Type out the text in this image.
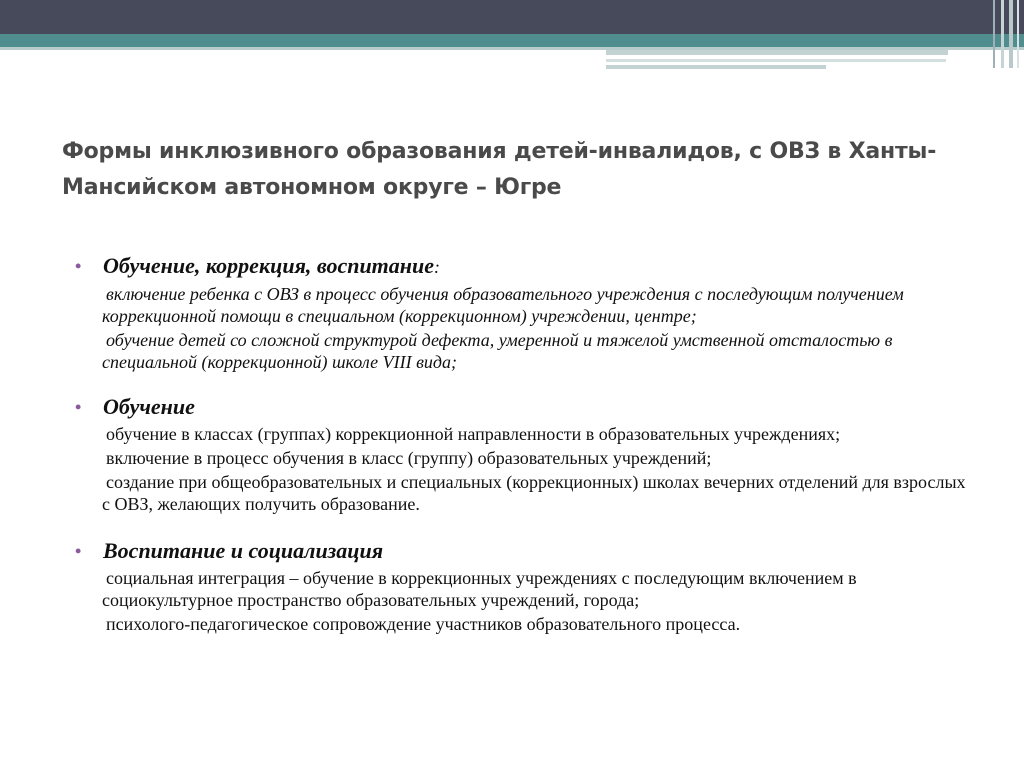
Формы инклюзивного образования детей-инвалидов, с ОВЗ в Ханты-Мансийском автономном округе – Югре
• Обучение, коррекция, воспитание:
включение ребенка с ОВЗ в процесс обучения образовательного учреждения с последующим получением коррекционной помощи в специальном (коррекционном) учреждении, центре;
обучение детей со сложной структурой дефекта, умеренной и тяжелой умственной отсталостью в специальной (коррекционной) школе VIII вида;
• Обучение
обучение в классах (группах) коррекционной направленности в образовательных учреждениях;
включение в процесс обучения в класс (группу) образовательных учреждений;
создание при общеобразовательных и специальных (коррекционных) школах вечерних отделений для взрослых с ОВЗ, желающих получить образование.
• Воспитание и социализация
социальная интеграция – обучение в коррекционных учреждениях с последующим включением в социокультурное пространство образовательных учреждений, города;
психолого-педагогическое сопровождение участников образовательного процесса.
